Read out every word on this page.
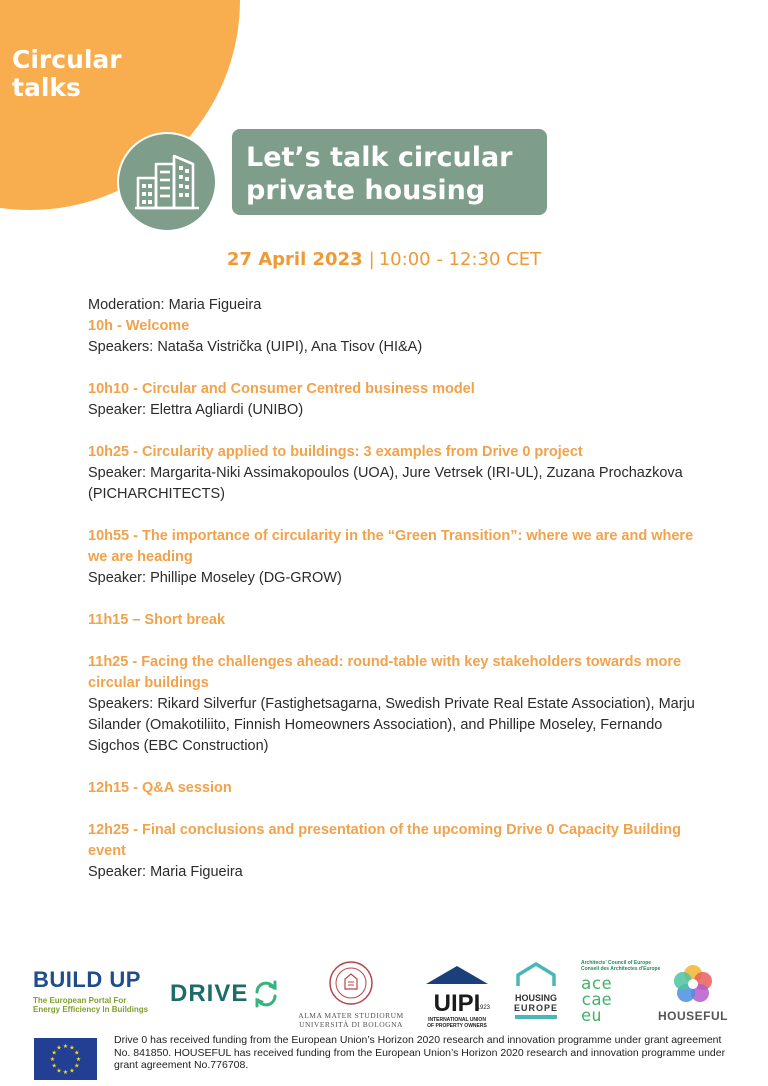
Circular
talks
Let’s talk circular
private housing
27 April 2023 | 10:00 - 12:30 CET

Moderation: Maria Figueira

10h - Welcome

Speakers: Nataša Vistrička (UIPI), Ana Tisov (HI&A)

10h10 - Circular and Consumer Centred business model

Speaker: Elettra Agliardi (UNIBO)

10h25 - Circularity applied to buildings: 3 examples from Drive 0 project

Speaker: Margarita-Niki Assimakopoulos (UOA), Jure Vetrsek (IRI-UL), Zuzana Prochazkova (PICHARCHITECTS)

10h55 - The importance of circularity in the “Green Transition”: where we are and where we are heading

Speaker: Phillipe Moseley (DG-GROW)

11h15 – Short break

11h25 - Facing the challenges ahead: round-table with key stakeholders towards more circular buildings

Speakers: Rikard Silverfur (Fastighetsagarna, Swedish Private Real Estate Association), Marju Silander (Omakotiliito, Finnish Homeowners Association), and Phillipe Moseley, Fernando Sigchos (EBC Construction)

12h15 - Q&A session

12h25 - Final conclusions and presentation of the upcoming Drive 0 Capacity Building event

Speaker: Maria Figueira

BUILD UP
The European Portal For
Energy Efficiency In Buildings
DRIVE
ALMA MATER STUDIORUM
UNIVERSITÀ DI BOLOGNA
UIPI
1923
INTERNATIONAL UNION
OF PROPERTY OWNERS
HOUSING
EUROPE
Architects' Council of Europe
Conseil des Architectes d'Europe
ace
cae
eu	HOUSEFUL
★ ★
★
★
★
★
★
★
★
★
★
★
Drive 0 has received funding from the European Union’s Horizon 2020 research and innovation programme under grant agreement No. 841850. HOUSEFUL has received funding from the European Union’s Horizon 2020 research and innovation programme under grant agreement No.776708.
